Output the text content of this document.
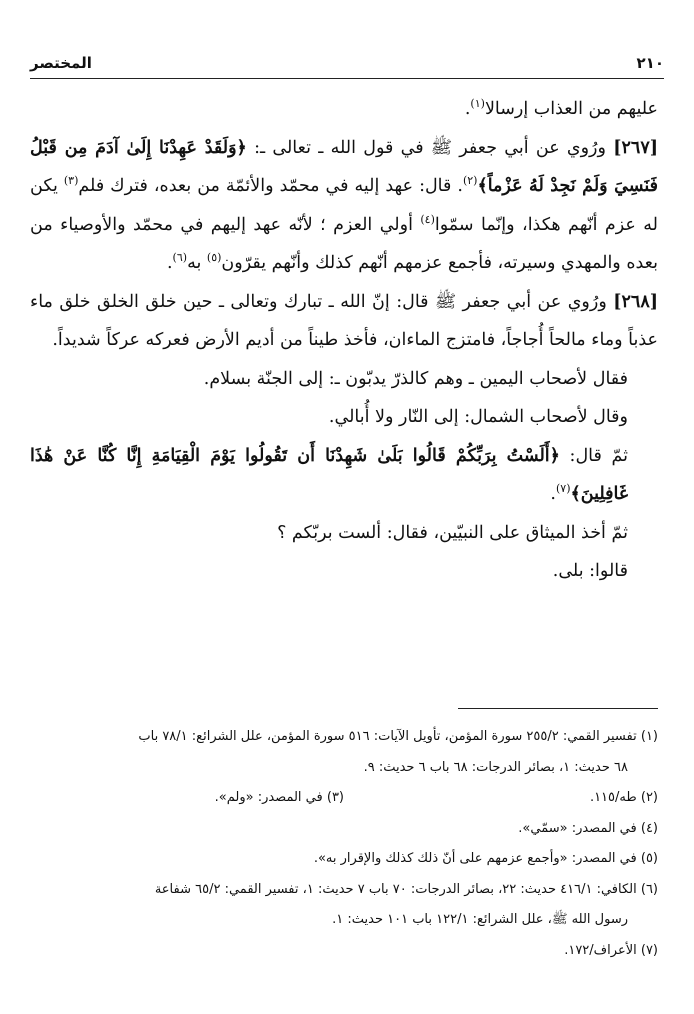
٢١٠
المختصر

عليهم من العذاب إرسالا$^{(١)}$.

[٢٦٧] ورُوي عن أبي جعفر ﷺ في قول الله ـ تعالى ـ: ﴿وَلَقَدْ عَهِدْنَا إِلَىٰ آدَمَ مِن قَبْلُ فَنَسِيَ وَلَمْ نَجِدْ لَهُ عَزْماً﴾$^{(٢)}$. قال: عهد إليه في محمّد والأئمّة من بعده، فترك فلم$^{(٣)}$ يكن له عزم أنّهم هكذا، وإنّما سمّوا$^{(٤)}$ أولي العزم ؛ لأنّه عهد إليهم في محمّد والأوصياء من بعده والمهدي وسيرته، فأجمع عزمهم أنّهم كذلك وأنّهم يقرّون$^{(٥)}$ به$^{(٦)}$.

[٢٦٨] ورُوي عن أبي جعفر ﷺ قال: إنّ الله ـ تبارك وتعالى ـ حين خلق الخلق خلق ماء عذباً وماء مالحاً أُجاجاً، فامتزج الماءان، فأخذ طيناً من أديم الأرض فعركه عركاً شديداً.

فقال لأصحاب اليمين ـ وهم كالذرّ يدبّون ـ: إلى الجنّة بسلام.

وقال لأصحاب الشمال: إلى النّار ولا أُبالي.

ثمّ قال: ﴿أَلَسْتُ بِرَبِّكُمْ قَالُوا بَلَىٰ شَهِدْنَا أَن تَقُولُوا يَوْمَ الْقِيَامَةِ إِنَّا كُنَّا عَنْ هَٰذَا غَافِلِينَ﴾$^{(٧)}$.

ثمّ أخذ الميثاق على النبيّين، فقال: ألست بربّكم ؟

قالوا: بلى.

(١) تفسير القمي: ٢٥٥/٢ سورة المؤمن، تأويل الآيات: ٥١٦ سورة المؤمن، علل الشرائع: ٧٨/١ باب

٦٨ حديث: ١، بصائر الدرجات: ٦٨ باب ٦ حديث: ٩.

(٢) طه/١١٥.

(٣) في المصدر: «ولم».

(٤) في المصدر: «سمّي».

(٥) في المصدر: «وأجمع عزمهم على أنّ ذلك كذلك والإقرار به».

(٦) الكافي: ٤١٦/١ حديث: ٢٢، بصائر الدرجات: ٧٠ باب ٧ حديث: ١، تفسير القمي: ٦٥/٢ شفاعة

رسول الله ﷺ، علل الشرائع: ١٢٢/١ باب ١٠١ حديث: ١.

(٧) الأعراف/١٧٢.
